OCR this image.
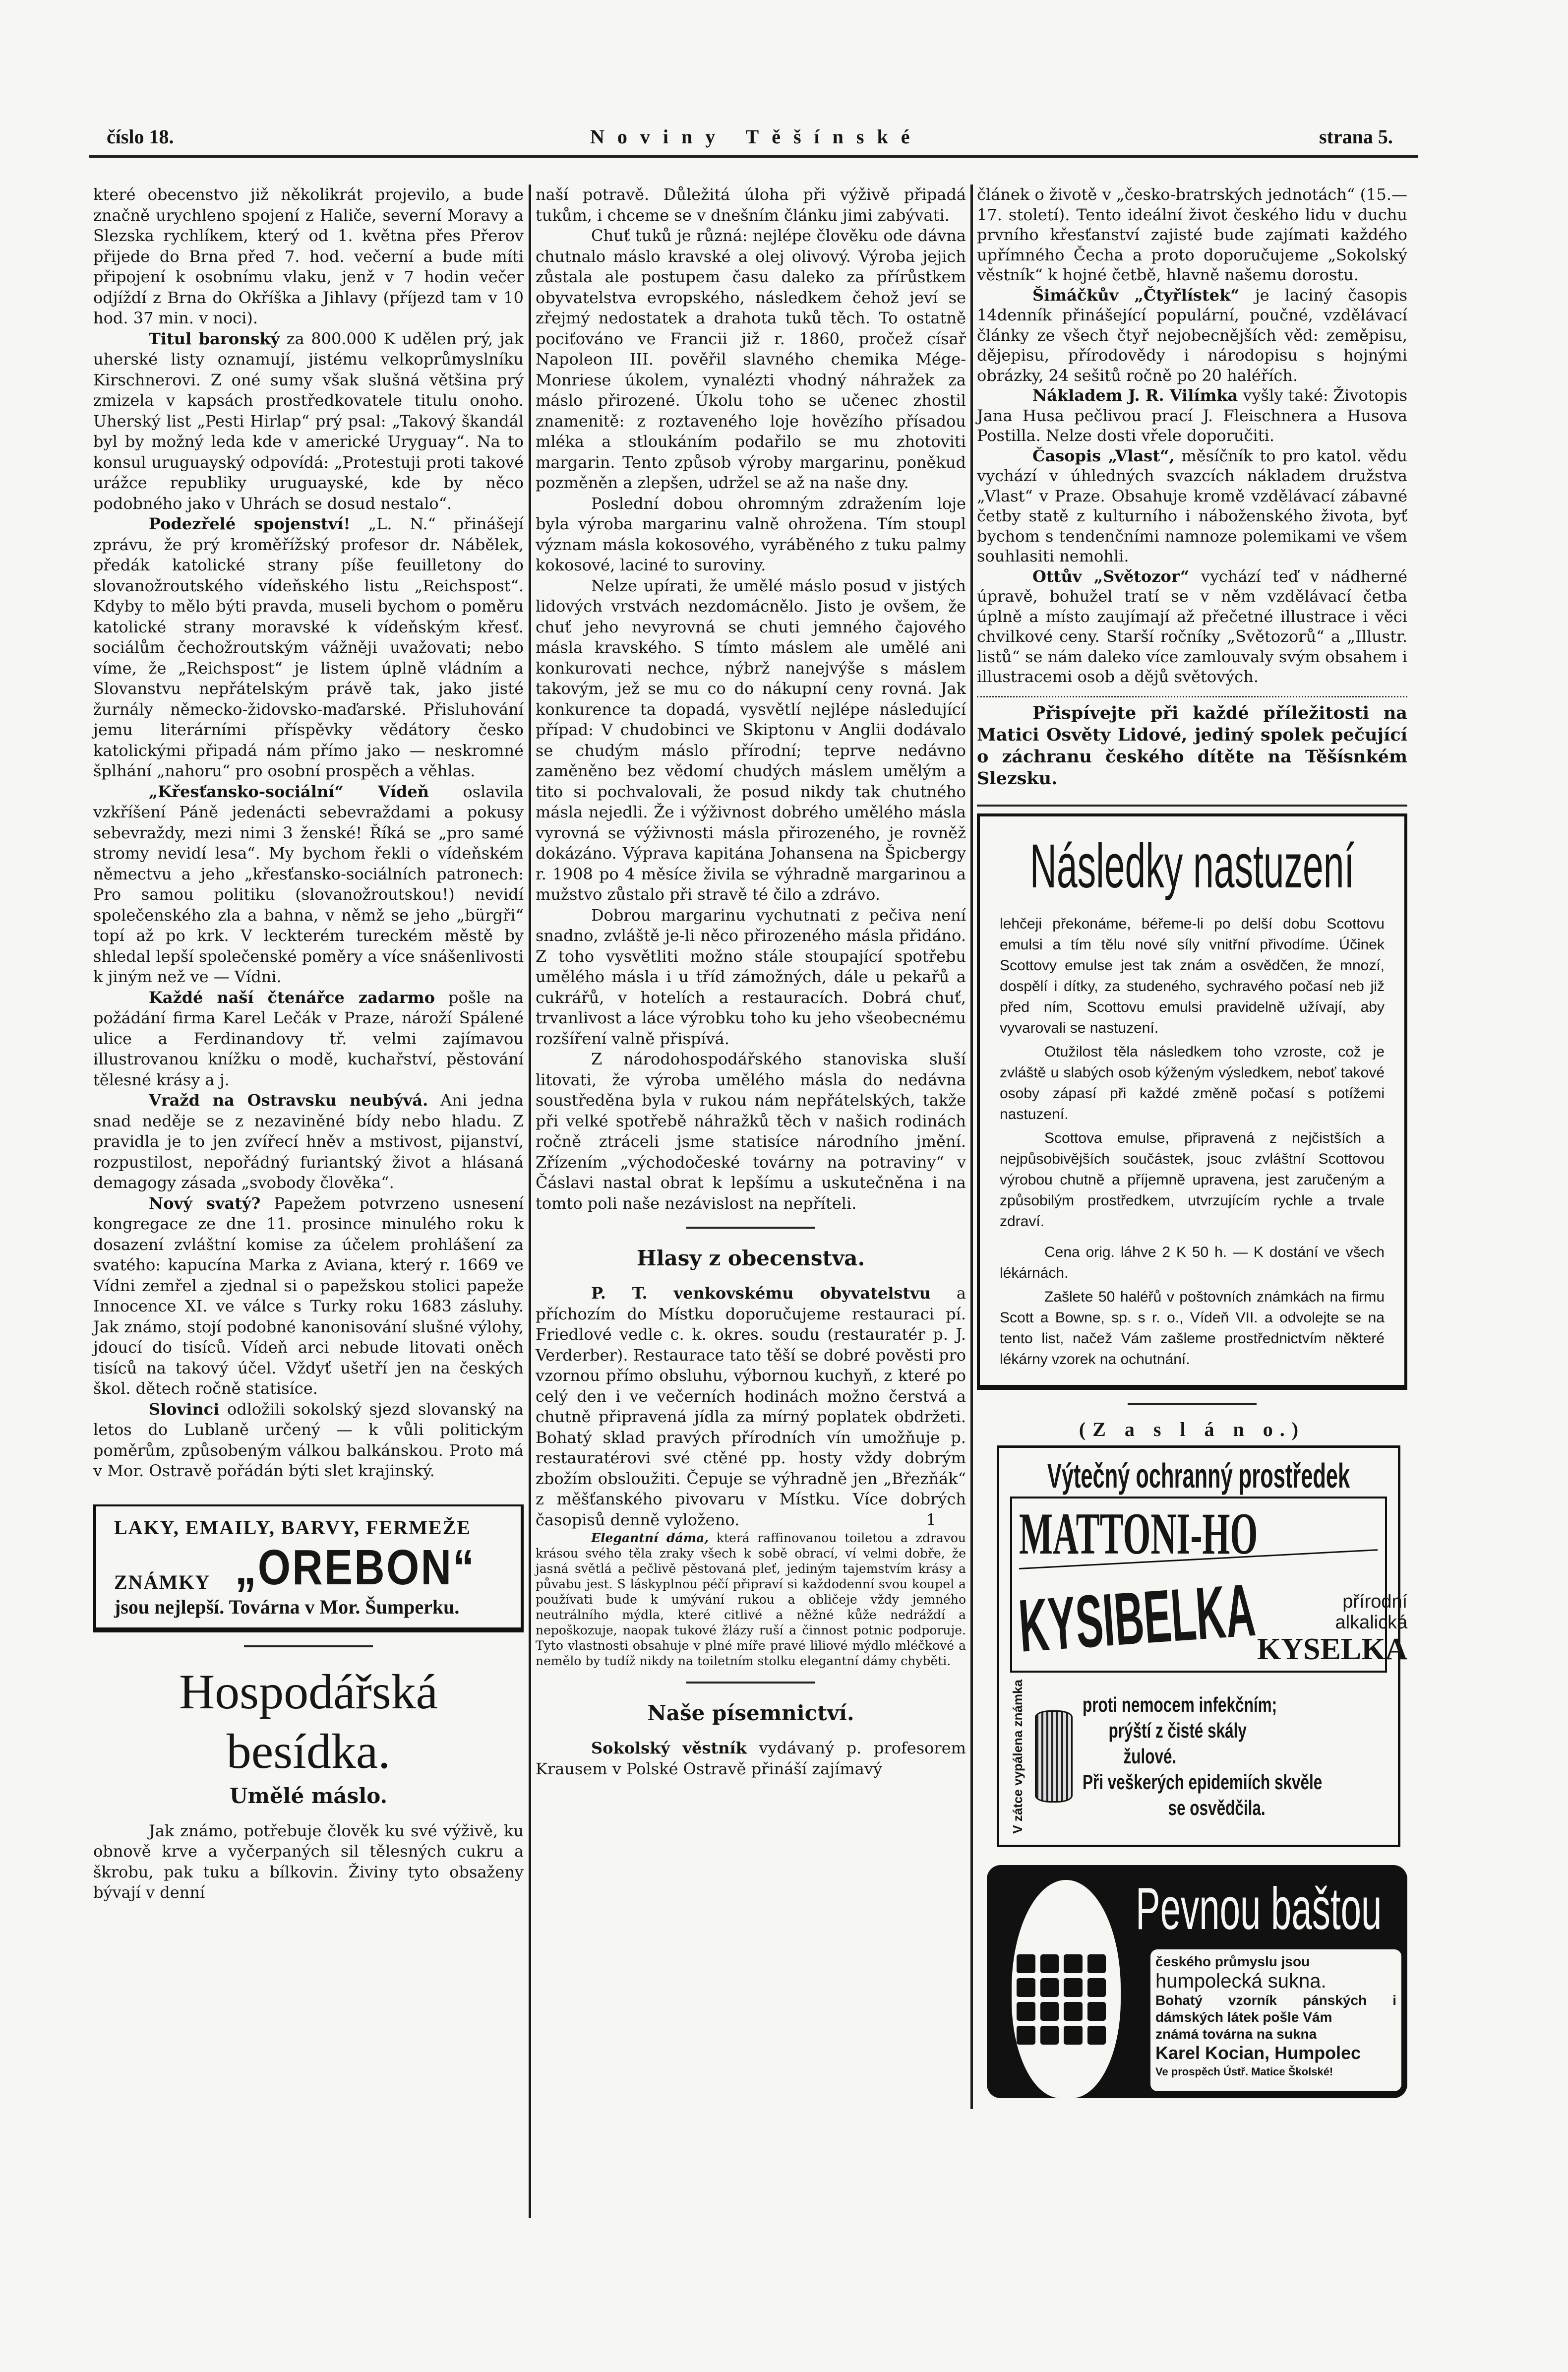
číslo 18.	Noviny Těšínské	strana 5.

které obecenstvo již několikrát projevilo, a bude značně urychleno spojení z Haliče, severní Moravy a Slezska rychlíkem, který od 1. května přes Přerov přijede do Brna před 7. hod. večerní a bude míti připojení k osobnímu vlaku, jenž v 7 hodin večer odjíždí z Brna do Okříška a Jihlavy (příjezd tam v 10 hod. 37 min. v noci).

Titul baronský za 800.000 K udělen prý, jak uherské listy oznamují, jistému velkoprůmyslníku Kirschnerovi. Z oné sumy však slušná většina prý zmizela v kapsách prostředkovatele titulu onoho. Uherský list „Pesti Hirlap“ prý psal: „Takový škandál byl by možný leda kde v americké Uryguay“. Na to konsul uruguayský odpovídá: „Protestuji proti takové urážce republiky uruguayské, kde by něco podobného jako v Uhrách se dosud nestalo“.

Podezřelé spojenství! „L. N.“ přinášejí zprávu, že prý kroměřížský profesor dr. Nábělek, předák katolické strany píše feuilletony do slovanožroutského vídeňského listu „Reichspost“. Kdyby to mělo býti pravda, museli bychom o poměru katolické strany moravské k vídeňským křesť. sociálům čechožroutským vážněji uvažovati; nebo víme, že „Reichspost“ je listem úplně vládním a Slovanstvu nepřátelským právě tak, jako jisté žurnály německo-židovsko-maďarské. Přisluhování jemu literárními příspěvky vědátory česko katolickými připadá nám přímo jako — neskromné šplhání „nahoru“ pro osobní prospěch a věhlas.

„Křesťansko-sociální“ Vídeň oslavila vzkříšení Páně jedenácti sebevraždami a pokusy sebevraždy, mezi nimi 3 ženské! Říká se „pro samé stromy nevidí lesa“. My bychom řekli o vídeňském němectvu a jeho „křesťansko-sociálních patronech: Pro samou politiku (slovanožroutskou!) nevidí společenského zla a bahna, v němž se jeho „bürgři“ topí až po krk. V leckterém tureckém městě by shledal lepší společenské poměry a více snášenlivosti k jiným než ve — Vídni.

Každé naší čtenářce zadarmo pošle na požádání firma Karel Lečák v Praze, nároží Spálené ulice a Ferdinandovy tř. velmi zajímavou illustrovanou knížku o modě, kuchařství, pěstování tělesné krásy a j.

Vražd na Ostravsku neubývá. Ani jedna snad neděje se z nezaviněné bídy nebo hladu. Z pravidla je to jen zvířecí hněv a mstivost, pijanství, rozpustilost, nepořádný furiantský život a hlásaná demagogy zásada „svobody člověka“.

Nový svatý? Papežem potvrzeno usnesení kongregace ze dne 11. prosince minulého roku k dosazení zvláštní komise za účelem prohlášení za svatého: kapucína Marka z Aviana, který r. 1669 ve Vídni zemřel a zjednal si o papežskou stolici papeže Innocence XI. ve válce s Turky roku 1683 zásluhy. Jak známo, stojí podobné kanonisování slušné výlohy, jdoucí do tisíců. Vídeň arci nebude litovati oněch tisíců na takový účel. Vždyť ušetří jen na českých škol. dětech ročně statisíce.

Slovinci odložili sokolský sjezd slovanský na letos do Lublaně určený — k vůli politickým poměrům, způsobeným válkou balkánskou. Proto má v Mor. Ostravě pořádán býti slet krajinský.

LAKY, EMAILY, BARVY, FERMEŽE
ZNÁMKY „OREBON“
jsou nejlepší. Továrna v Mor. Šumperku.
Hospodářská besídka.
Umělé máslo.

Jak známo, potřebuje člověk ku své výživě, ku obnově krve a vyčerpaných sil tělesných cukru a škrobu, pak tuku a bílkovin. Živiny tyto obsaženy bývají v denní

naší potravě. Důležitá úloha při výživě připadá tukům, i chceme se v dnešním článku jimi zabývati.

Chuť tuků je různá: nejlépe člověku ode dávna chutnalo máslo kravské a olej olivový. Výroba jejich zůstala ale postupem času daleko za přírůstkem obyvatelstva evropského, následkem čehož jeví se zřejmý nedostatek a drahota tuků těch. To ostatně pociťováno ve Francii již r. 1860, pročež císař Napoleon III. pověřil slavného chemika Mége-Monriese úkolem, vynalézti vhodný náhražek za máslo přirozené. Úkolu toho se učenec zhostil znamenitě: z roztaveného loje hovězího přísadou mléka a stloukáním podařilo se mu zhotoviti margarin. Tento způsob výroby margarinu, poněkud pozměněn a zlepšen, udržel se až na naše dny.

Poslední dobou ohromným zdražením loje byla výroba margarinu valně ohrožena. Tím stoupl význam másla kokosového, vyráběného z tuku palmy kokosové, laciné to suroviny.

Nelze upírati, že umělé máslo posud v jistých lidových vrstvách nezdomácnělo. Jisto je ovšem, že chuť jeho nevyrovná se chuti jemného čajového másla kravského. S tímto máslem ale umělé ani konkurovati nechce, nýbrž nanejvýše s máslem takovým, jež se mu co do nákupní ceny rovná. Jak konkurence ta dopadá, vysvětlí nejlépe následující případ: V chudobinci ve Skiptonu v Anglii dodávalo se chudým máslo přírodní; teprve nedávno zaměněno bez vědomí chudých máslem umělým a tito si pochvalovali, že posud nikdy tak chutného másla nejedli. Že i výživnost dobrého umělého másla vyrovná se výživnosti másla přirozeného, je rovněž dokázáno. Výprava kapitána Johansena na Špicbergy r. 1908 po 4 měsíce živila se výhradně margarinou a mužstvo zůstalo při stravě té čilo a zdrávo.

Dobrou margarinu vychutnati z pečiva není snadno, zvláště je-li něco přirozeného másla přidáno. Z toho vysvětliti možno stále stoupající spotřebu umělého másla i u tříd zámožných, dále u pekařů a cukrářů, v hotelích a restauracích. Dobrá chuť, trvanlivost a láce výrobku toho ku jeho všeobecnému rozšíření valně přispívá.

Z národohospodářského stanoviska sluší litovati, že výroba umělého másla do nedávna soustředěna byla v rukou nám nepřátelských, takže při velké spotřebě náhražků těch v našich rodinách ročně ztráceli jsme statisíce národního jmění. Zřízením „východočeské továrny na potraviny“ v Čáslavi nastal obrat k lepšímu a uskutečněna i na tomto poli naše nezávislost na nepříteli.

Hlasy z obecenstva.

P. T. venkovskému obyvatelstvu a příchozím do Místku doporučujeme restauraci pí. Friedlové vedle c. k. okres. soudu (restauratér p. J. Verderber). Restaurace tato těší se dobré pověsti pro vzornou přímo obsluhu, výbornou kuchyň, z které po celý den i ve večerních hodinách možno čerstvá a chutně připravená jídla za mírný poplatek obdržeti. Bohatý sklad pravých přírodních vín umožňuje p. restauratérovi své ctěné pp. hosty vždy dobrým zbožím obsloužiti. Čepuje se výhradně jen „Březňák“ z měšťanského pivovaru v Místku. Více dobrých časopisů denně vyloženo.	1

Elegantní dáma, která raffinovanou toiletou a zdravou krásou svého těla zraky všech k sobě obrací, ví velmi dobře, že jasná světlá a pečlivě pěstovaná pleť, jediným tajemstvím krásy a půvabu jest. S láskyplnou péčí připraví si každodenní svou koupel a používati bude k umývání rukou a obličeje vždy jemného neutrálního mýdla, které citlivé a něžné kůže nedráždí a nepoškozuje, naopak tukové žlázy ruší a činnost potnic podporuje. Tyto vlastnosti obsahuje v plné míře pravé liliové mýdlo mléčkové a nemělo by tudíž nikdy na toiletním stolku elegantní dámy chyběti.

Naše písemnictví.

Sokolský věstník vydávaný p. profesorem Krausem v Polské Ostravě přináší zajímavý

článek o životě v „česko-bratrských jednotách“ (15.—17. století). Tento ideální život českého lidu v duchu prvního křesťanství zajisté bude zajímati každého upřímného Čecha a proto doporučujeme „Sokolský věstník“ k hojné četbě, hlavně našemu dorostu.

Šimáčkův „Čtyřlístek“ je laciný časopis 14denník přinášející populární, poučné, vzdělávací články ze všech čtyř nejobecnějších věd: zeměpisu, dějepisu, přírodovědy i národopisu s hojnými obrázky, 24 sešitů ročně po 20 haléřích.

Nákladem J. R. Vilímka vyšly také: Životopis Jana Husa pečlivou prací J. Fleischnera a Husova Postilla. Nelze dosti vřele doporučiti.

Časopis „Vlast“, měsíčník to pro katol. vědu vychází v úhledných svazcích nákladem družstva „Vlast“ v Praze. Obsahuje kromě vzdělávací zábavné četby statě z kulturního i náboženského života, byť bychom s tendenčními namnoze polemikami ve všem souhlasiti nemohli.

Ottův „Světozor“ vychází teď v nádherné úpravě, bohužel tratí se v něm vzdělávací četba úplně a místo zaujímají až přečetné illustrace i věci chvilkové ceny. Starší ročníky „Světozorů“ a „Illustr. listů“ se nám daleko více zamlouvaly svým obsahem i illustracemi osob a dějů světových.

Přispívejte při každé příležitosti na Matici Osvěty Lidové, jediný spolek pečující o záchranu českého dítěte na Těšísnkém Slezsku.

Následky nastuzení

lehčeji překonáme, béřeme-li po delší dobu Scottovu emulsi a tím tělu nové síly vnitřní přivodíme. Účinek Scottovy emulse jest tak znám a osvědčen, že mnozí, dospělí i dítky, za studeného, sychravého počasí neb již před ním, Scottovu emulsi pravidelně užívají, aby vyvarovali se nastuzení.

Otužilost těla následkem toho vzroste, což je zvláště u slabých osob kýženým výsledkem, neboť takové osoby zápasí při každé změně počasí s potížemi nastuzení.

Scottova emulse, připravená z nejčistších a nejpůsobivějších součástek, jsouc zvláštní Scottovou výrobou chutně a příjemně upravena, jest zaručeným a způsobilým prostředkem, utvrzujícím rychle a trvale zdraví.

Cena orig. láhve 2 K 50 h. — K dostání ve všech lékárnách.

Zašlete 50 haléřů v poštovních známkách na firmu Scott a Bowne, sp. s r. o., Vídeň VII. a odvolejte se na tento list, načež Vám zašleme prostřednictvím některé lékárny vzorek na ochutnání.

(Z a s l á n o.)
Výtečný ochranný prostředek
MATTONI-HO
KYSIBELKA	přírodní
alkalická
KYSELKA
V zátce vypálena známka	proti nemocem infekčním;
prýští z čisté skály
žulové.
Při veškerých epidemiích skvěle
se osvědčila.
Pevnou baštou
českého průmyslu jsou
humpolecká sukna.
Bohatý vzorník pánských i dámských látek pošle Vám
známá továrna na sukna
Karel Kocian, Humpolec
Ve prospěch Ústř. Matice Školské!
